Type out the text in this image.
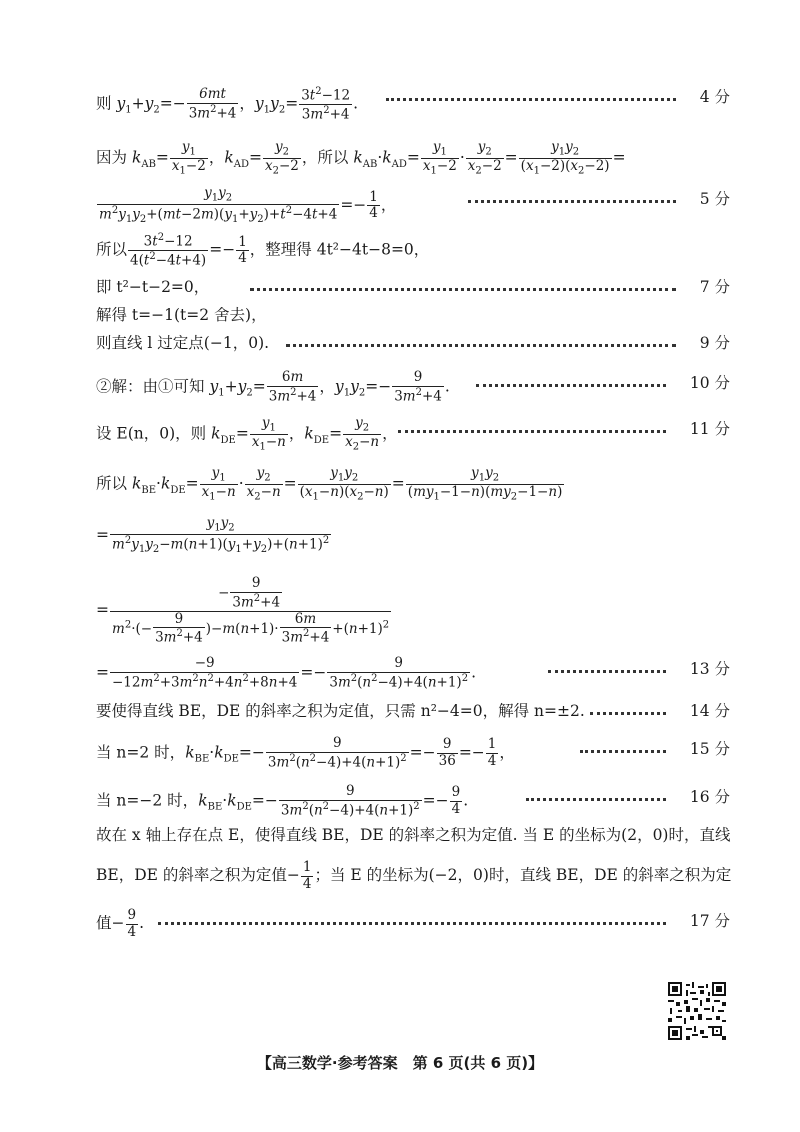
则 $y_1+y_2=- \frac{6mt}{3m^2+4}$ ，$y_1y_2= \frac{3t^2-12}{3m^2+4}$ .	4 分
因为 $k_{AB}= \frac{y_1}{x_1-2}$ ，$k_{AD}= \frac{y_2}{x_2-2}$ ，所以 $k_{AB}\cdot k_{AD}= \frac{y_1}{x_1-2} \cdot \frac{y_2}{x_2-2} = \frac{y_1y_2}{(x_1-2)(x_2-2)}$ =
$\frac{y_1y_2}{m^2y_1y_2+(mt-2m)(y_1+y_2)+t^2-4t+4} =- \frac{1}{4}$ ，	5 分
所以 $\frac{3t^2-12}{4(t^2-4t+4)} =- \frac{1}{4}$ ，整理得 4t²−4t−8=0，
即 t²−t−2=0，	7 分
解得 t=−1(t=2 舍去)，
则直线 l 过定点(−1，0).	9 分
②解：由①可知 $y_1+y_2= \frac{6m}{3m^2+4}$ ，$y_1y_2=- \frac{9}{3m^2+4}$ .	10 分
设 E(n，0)，则 $k_{DE}= \frac{y_1}{x_1-n}$ ，$k_{DE}= \frac{y_2}{x_2-n}$ ，	11 分
所以 $k_{BE}\cdot k_{DE}= \frac{y_1}{x_1-n} \cdot \frac{y_2}{x_2-n} = \frac{y_1y_2}{(x_1-n)(x_2-n)} = \frac{y_1y_2}{(my_1-1-n)(my_2-1-n)}$
= $\frac{y_1y_2}{m^2y_1y_2-m(n+1)(y_1+y_2)+(n+1)^2}$
= $\frac{- \frac{9}{3m^2+4}}{m^2\cdot(- \frac{9}{3m^2+4} )-m(n+1)\cdot \frac{6m}{3m^2+4} +(n+1)^2}$
= $\frac{-9}{-12m^2+3m^2n^2+4n^2+8n+4} =- \frac{9}{3m^2(n^2-4)+4(n+1)^2}$ .	13 分
要使得直线 BE，DE 的斜率之积为定值，只需 n²−4=0，解得 n=±2.	14 分
当 n=2 时，$k_{BE}\cdot k_{DE}=- \frac{9}{3m^2(n^2-4)+4(n+1)^2} =- \frac{9}{36} =- \frac{1}{4}$ ，	15 分
当 n=−2 时，$k_{BE}\cdot k_{DE}=- \frac{9}{3m^2(n^2-4)+4(n+1)^2} =- \frac{9}{4}$ .	16 分
故在 x 轴上存在点 E，使得直线 BE，DE 的斜率之积为定值. 当 E 的坐标为(2，0)时，直线
BE，DE 的斜率之积为定值− $\frac{1}{4}$ ；当 E 的坐标为(−2，0)时，直线 BE，DE 的斜率之积为定
值− $\frac{9}{4}$ .	17 分
【高三数学·参考答案　第 6 页(共 6 页)】
